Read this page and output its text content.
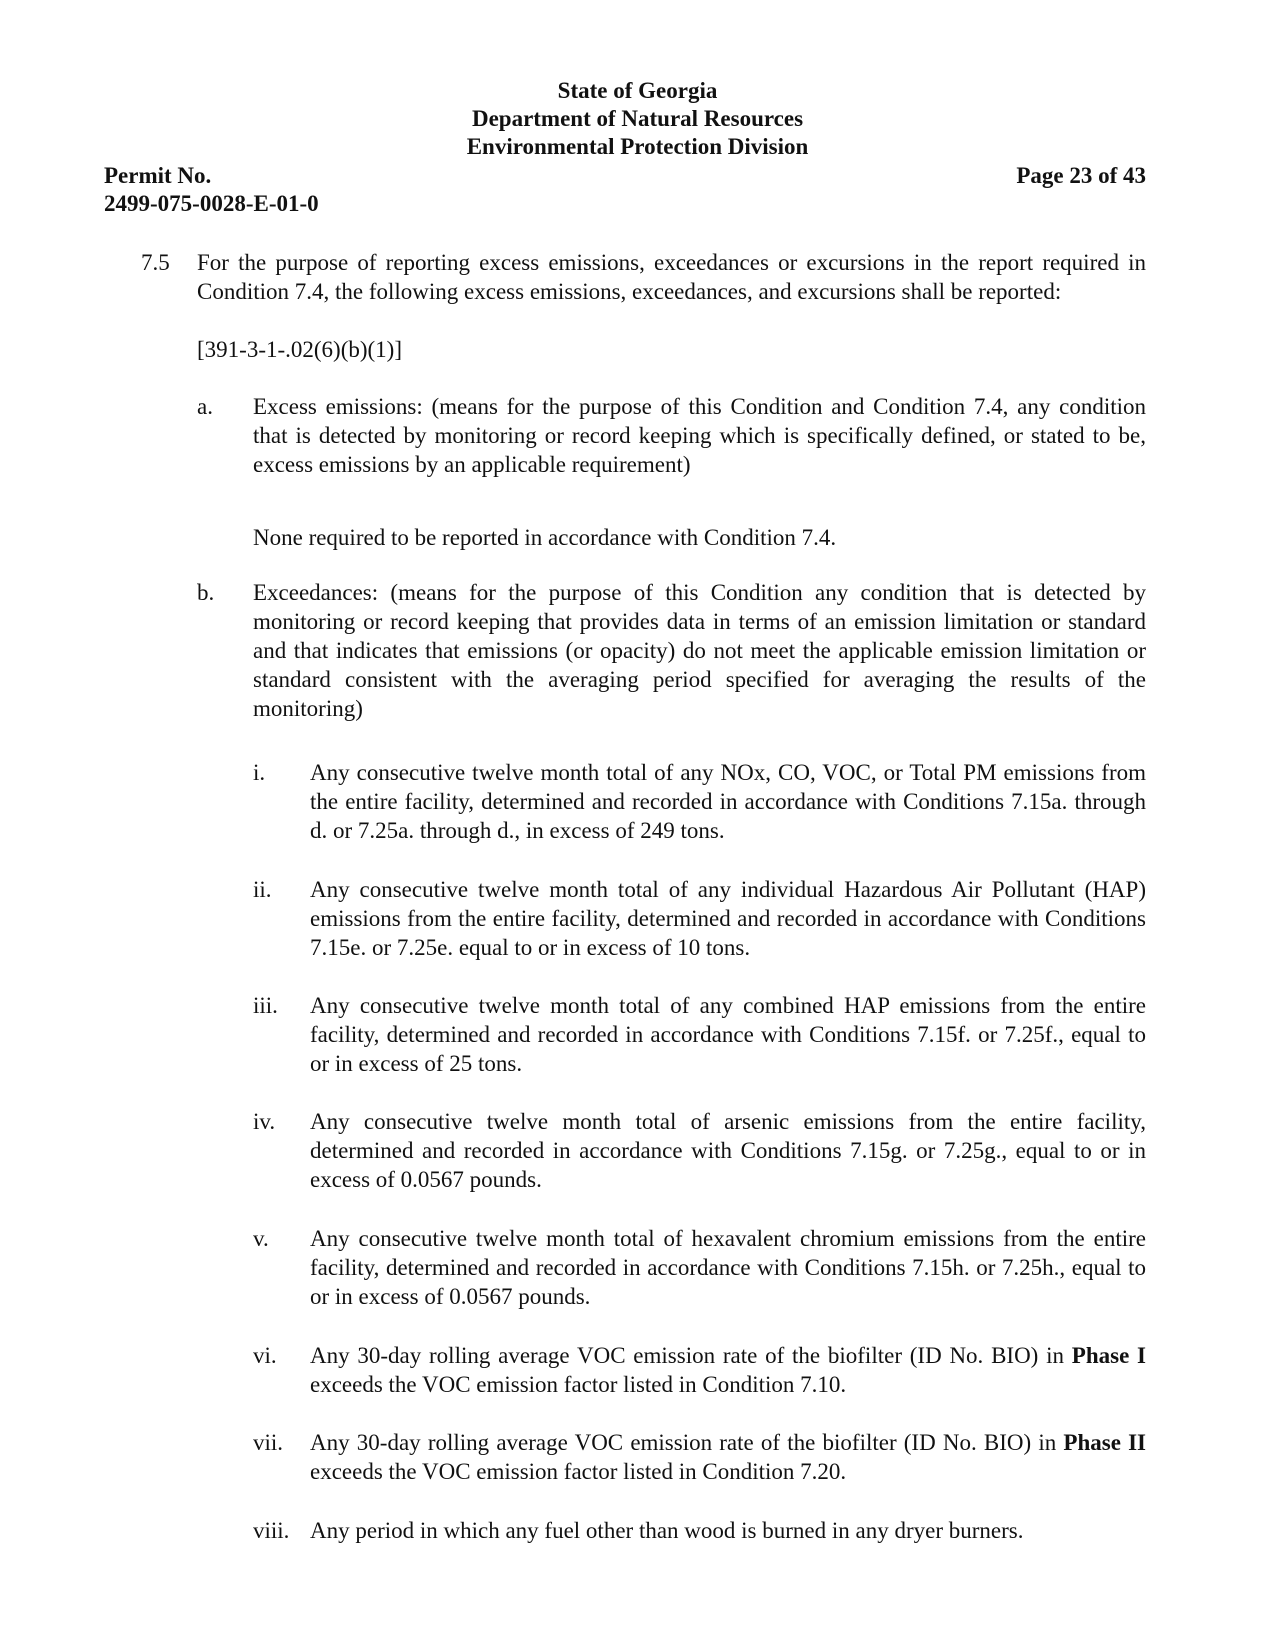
State of Georgia
Department of Natural Resources
Environmental Protection Division
Permit No.
2499-075-0028-E-01-0
Page 23 of 43
7.5 For the purpose of reporting excess emissions, exceedances or excursions in the report required in Condition 7.4, the following excess emissions, exceedances, and excursions shall be reported:
[391-3-1-.02(6)(b)(1)]
a. Excess emissions: (means for the purpose of this Condition and Condition 7.4, any condition that is detected by monitoring or record keeping which is specifically defined, or stated to be, excess emissions by an applicable requirement)
None required to be reported in accordance with Condition 7.4.
b. Exceedances: (means for the purpose of this Condition any condition that is detected by monitoring or record keeping that provides data in terms of an emission limitation or standard and that indicates that emissions (or opacity) do not meet the applicable emission limitation or standard consistent with the averaging period specified for averaging the results of the monitoring)
i. Any consecutive twelve month total of any NOx, CO, VOC, or Total PM emissions from the entire facility, determined and recorded in accordance with Conditions 7.15a. through d. or 7.25a. through d., in excess of 249 tons.
ii. Any consecutive twelve month total of any individual Hazardous Air Pollutant (HAP) emissions from the entire facility, determined and recorded in accordance with Conditions 7.15e. or 7.25e. equal to or in excess of 10 tons.
iii. Any consecutive twelve month total of any combined HAP emissions from the entire facility, determined and recorded in accordance with Conditions 7.15f. or 7.25f., equal to or in excess of 25 tons.
iv. Any consecutive twelve month total of arsenic emissions from the entire facility, determined and recorded in accordance with Conditions 7.15g. or 7.25g., equal to or in excess of 0.0567 pounds.
v. Any consecutive twelve month total of hexavalent chromium emissions from the entire facility, determined and recorded in accordance with Conditions 7.15h. or 7.25h., equal to or in excess of 0.0567 pounds.
vi. Any 30-day rolling average VOC emission rate of the biofilter (ID No. BIO) in Phase I exceeds the VOC emission factor listed in Condition 7.10.
vii. Any 30-day rolling average VOC emission rate of the biofilter (ID No. BIO) in Phase II exceeds the VOC emission factor listed in Condition 7.20.
viii. Any period in which any fuel other than wood is burned in any dryer burners.
